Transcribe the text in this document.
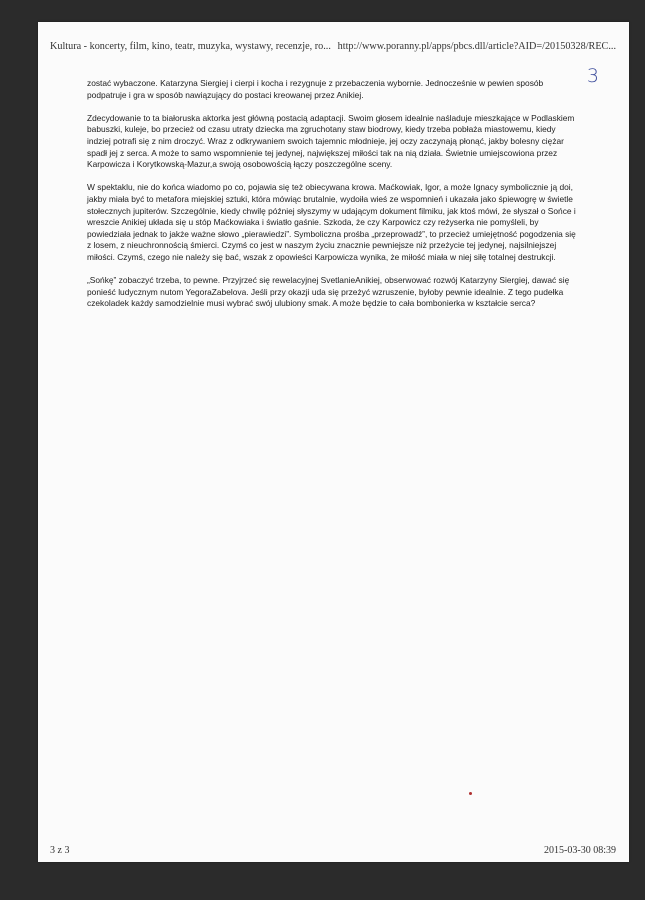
Kultura - koncerty, film, kino, teatr, muzyka, wystawy, recenzje, ro... http://www.poranny.pl/apps/pbcs.dll/article?AID=/20150328/REC...
3

zostać wybaczone. Katarzyna Siergiej i cierpi i kocha i rezygnuje z przebaczenia wybornie. Jednocześnie w pewien sposób podpatruje i gra w sposób nawiązujący do postaci kreowanej przez Anikiej.

Zdecydowanie to ta białoruska aktorka jest główną postacią adaptacji. Swoim głosem idealnie naśladuje mieszkające w Podlaskiem babuszki, kuleje, bo przecież od czasu utraty dziecka ma zgruchotany staw biodrowy, kiedy trzeba pobłaża miastowemu, kiedy indziej potrafi się z nim droczyć. Wraz z odkrywaniem swoich tajemnic młodnieje, jej oczy zaczynają płonąć, jakby bolesny ciężar spadł jej z serca. A może to samo wspomnienie tej jedynej, największej miłości tak na nią działa. Świetnie umiejscowiona przez Karpowicza i Korytkowską-Mazur,a swoją osobowością łączy poszczególne sceny.

W spektaklu, nie do końca wiadomo po co, pojawia się też obiecywana krowa. Maćkowiak, Igor, a może Ignacy symbolicznie ją doi, jakby miała być to metafora miejskiej sztuki, która mówiąc brutalnie, wydoiła wieś ze wspomnień i ukazała jako śpiewogrę w świetle stołecznych jupiterów. Szczególnie, kiedy chwilę później słyszymy w udającym dokument filmiku, jak ktoś mówi, że słyszał o Sońce i wreszcie Anikiej układa się u stóp Maćkowiaka i światło gaśnie. Szkoda, że czy Karpowicz czy reżyserka nie pomyśleli, by powiedziała jednak to jakże ważne słowo „pierawiedzi”. Symboliczna prośba „przeprowadź”, to przecież umiejętność pogodzenia się z losem, z nieuchronnością śmierci. Czymś co jest w naszym życiu znacznie pewniejsze niż przeżycie tej jedynej, najsilniejszej miłości. Czymś, czego nie należy się bać, wszak z opowieści Karpowicza wynika, że miłość miała w niej siłę totalnej destrukcji.

„Sońkę” zobaczyć trzeba, to pewne. Przyjrzeć się rewelacyjnej SvetlanieAnikiej, obserwować rozwój Katarzyny Siergiej, dawać się ponieść ludycznym nutom YegoraZabelova. Jeśli przy okazji uda się przeżyć wzruszenie, byłoby pewnie idealnie. Z tego pudełka czekoladek każdy samodzielnie musi wybrać swój ulubiony smak. A może będzie to cała bombonierka w kształcie serca?

3 z 3	2015-03-30 08:39
